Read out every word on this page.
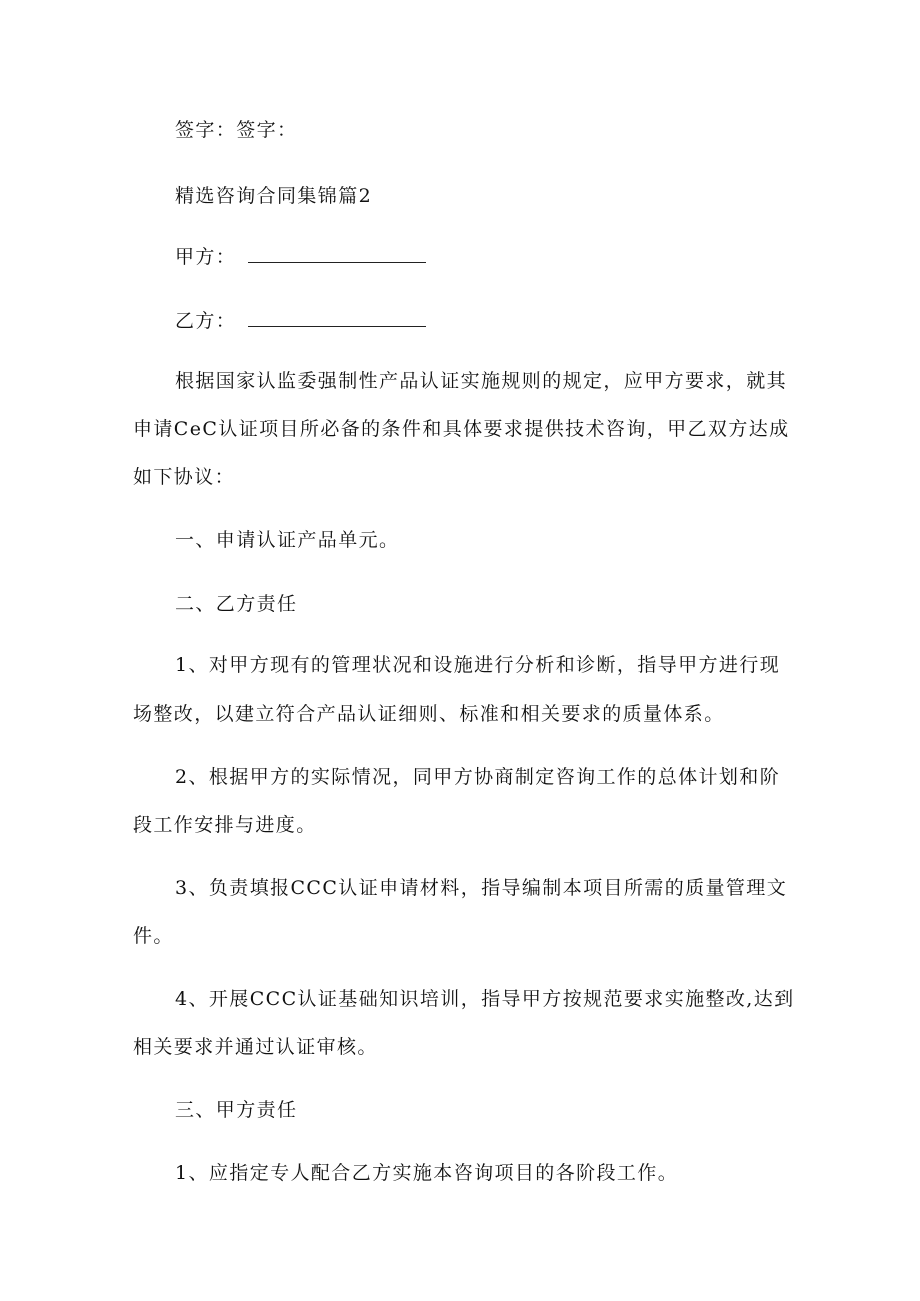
签字：签字：
精选咨询合同集锦篇2
甲方：
乙方：
根据国家认监委强制性产品认证实施规则的规定，应甲方要求，就其
申请CeC认证项目所必备的条件和具体要求提供技术咨询，甲乙双方达成
如下协议：
一、申请认证产品单元。
二、乙方责任
1、对甲方现有的管理状况和设施进行分析和诊断，指导甲方进行现
场整改，以建立符合产品认证细则、标准和相关要求的质量体系。
2、根据甲方的实际情况，同甲方协商制定咨询工作的总体计划和阶
段工作安排与进度。
3、负责填报CCC认证申请材料，指导编制本项目所需的质量管理文
件。
4、开展CCC认证基础知识培训，指导甲方按规范要求实施整改,达到
相关要求并通过认证审核。
三、甲方责任
1、应指定专人配合乙方实施本咨询项目的各阶段工作。
